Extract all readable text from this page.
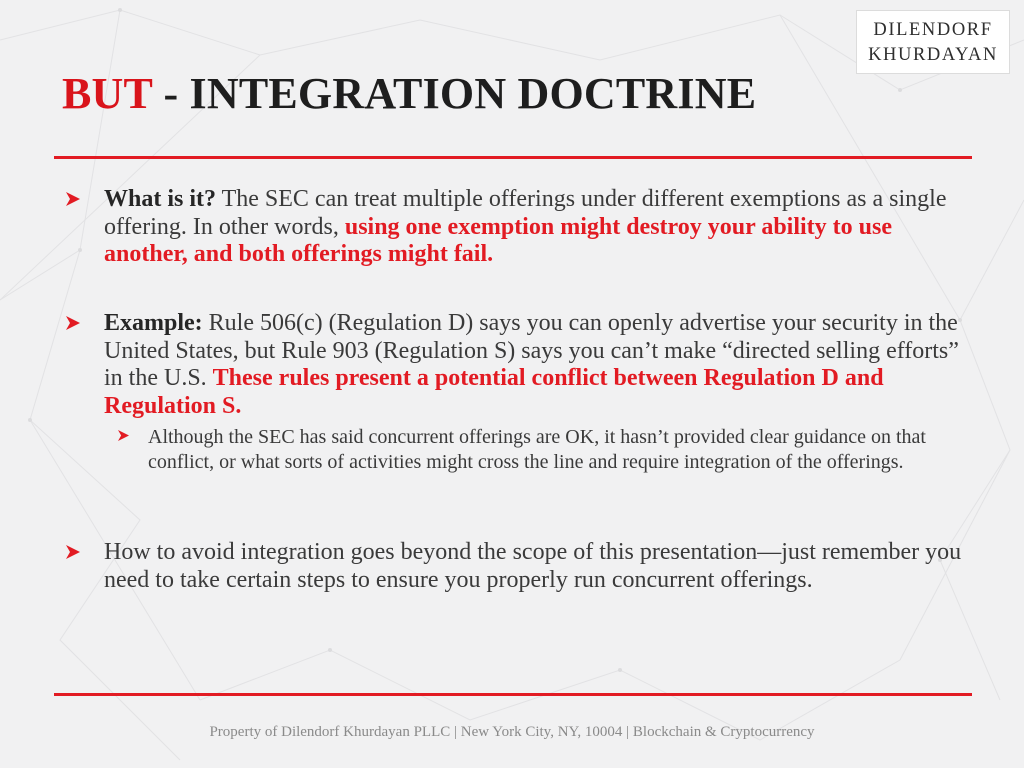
DILENDORF
KHURDAYAN
BUT - INTEGRATION DOCTRINE
What is it? The SEC can treat multiple offerings under different exemptions as a single offering. In other words, using one exemption might destroy your ability to use another, and both offerings might fail.
Example: Rule 506(c) (Regulation D) says you can openly advertise your security in the United States, but Rule 903 (Regulation S) says you can’t make “directed selling efforts” in the U.S. These rules present a potential conflict between Regulation D and Regulation S.
Although the SEC has said concurrent offerings are OK, it hasn’t provided clear guidance on that conflict, or what sorts of activities might cross the line and require integration of the offerings.
How to avoid integration goes beyond the scope of this presentation—just remember you need to take certain steps to ensure you properly run concurrent offerings.
Property of Dilendorf Khurdayan PLLC | New York City, NY, 10004 | Blockchain & Cryptocurrency
